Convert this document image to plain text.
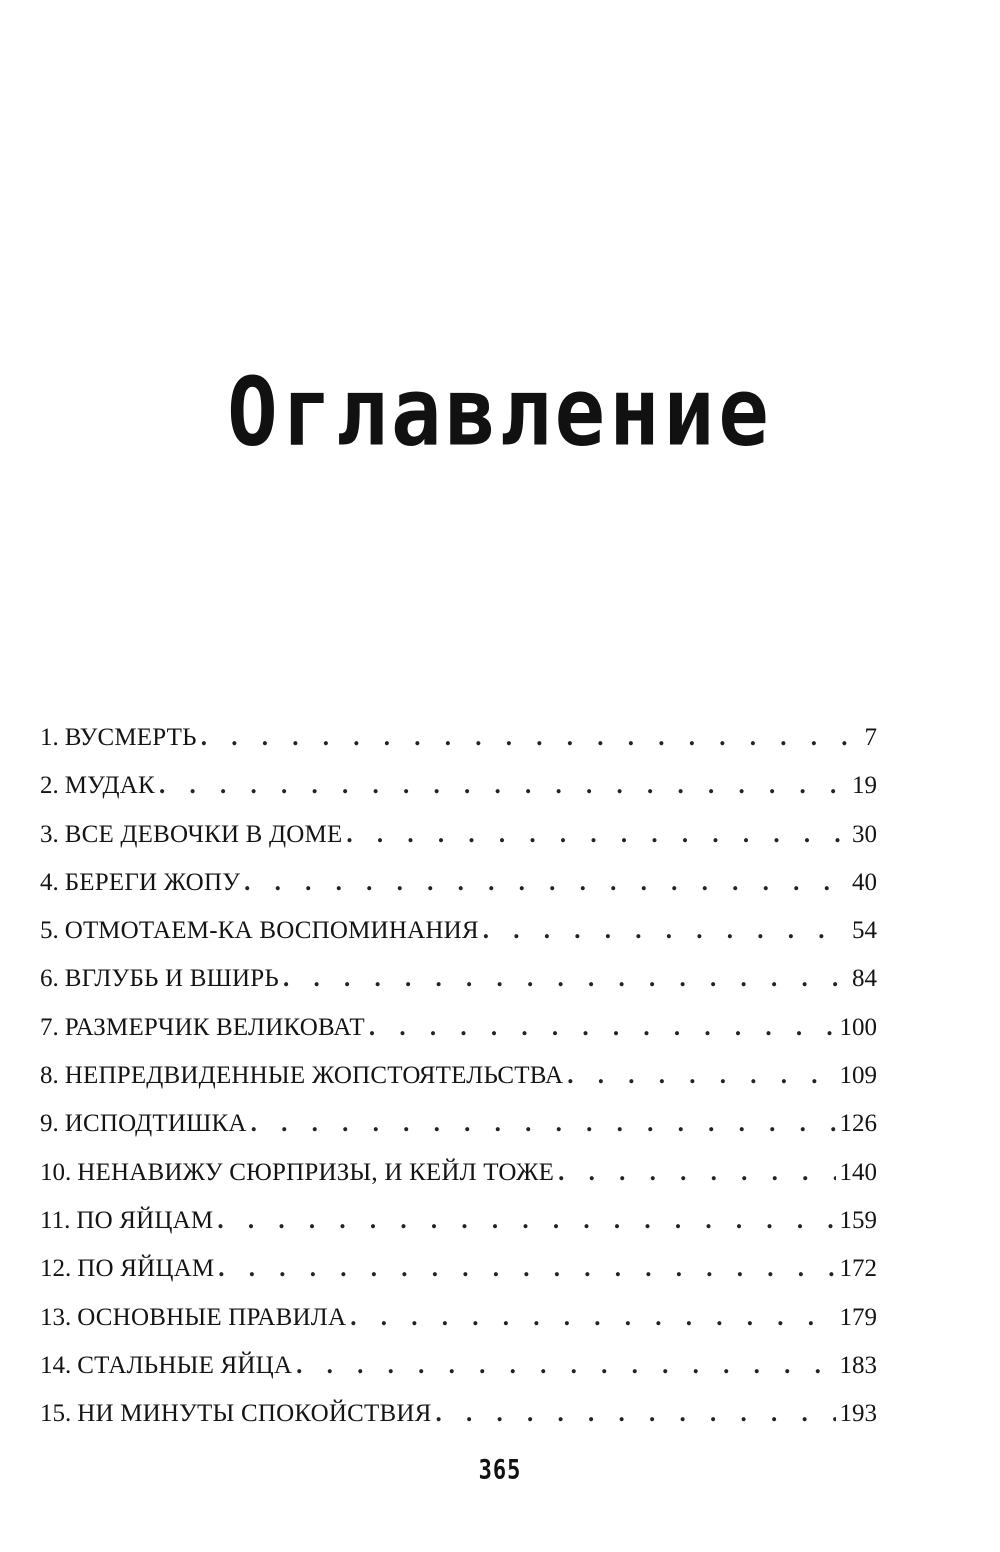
Оглавление
1. ВУСМЕРТЬ . . .	7
2. МУДАК . . .	19
3. ВСЕ ДЕВОЧКИ В ДОМЕ . . .	30
4. БЕРЕГИ ЖОПУ . . .	40
5. ОТМОТАЕМ-КА ВОСПОМИНАНИЯ . . .	54
6. ВГЛУБЬ И ВШИРЬ . . .	84
7. РАЗМЕРЧИК ВЕЛИКОВАТ . . .	100
8. НЕПРЕДВИДЕННЫЕ ЖОПСТОЯТЕЛЬСТВА . . .	109
9. ИСПОДТИШКА . . .	126
10. НЕНАВИЖУ СЮРПРИЗЫ, И КЕЙЛ ТОЖЕ . . .	140
11. ПО ЯЙЦАМ . . .	159
12. ПО ЯЙЦАМ . . .	172
13. ОСНОВНЫЕ ПРАВИЛА . . .	179
14. СТАЛЬНЫЕ ЯЙЦА . . .	183
15. НИ МИНУТЫ СПОКОЙСТВИЯ . . .	193
365
